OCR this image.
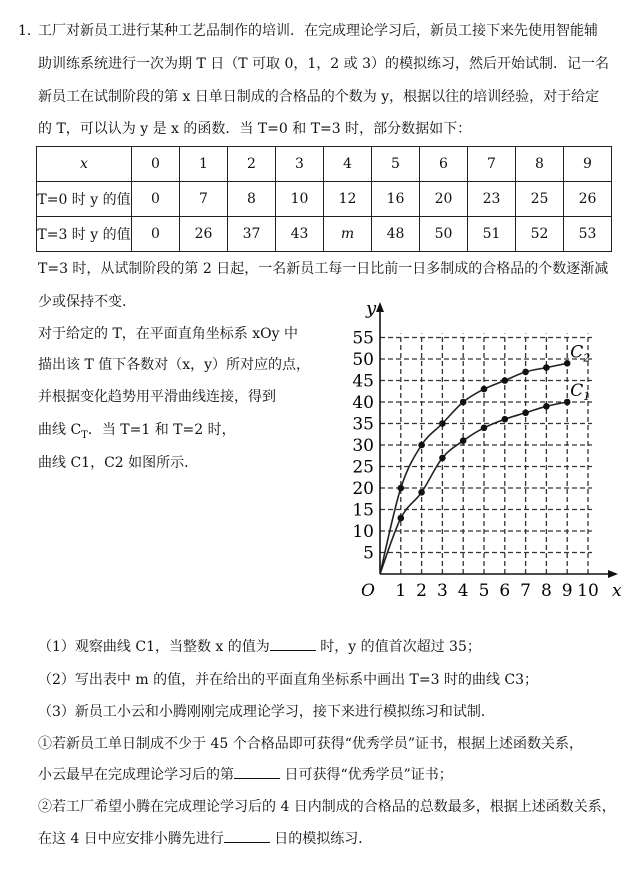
1．
工厂对新员工进行某种工艺品制作的培训．在完成理论学习后，新员工接下来先使用智能辅
助训练系统进行一次为期 T 日（T 可取 0，1，2 或 3）的模拟练习，然后开始试制．记一名
新员工在试制阶段的第 x 日单日制成的合格品的个数为 y，根据以往的培训经验，对于给定
的 T，可以认为 y 是 x 的函数．当 T=0 和 T=3 时，部分数据如下：
x	0	1	2	3	4	5	6	7	8	9
T=0 时 y 的值	0	7	8	10	12	16	20	23	25	26
T=3 时 y 的值	0	26	37	43	m	48	50	51	52	53
T=3 时，从试制阶段的第 2 日起，一名新员工每一日比前一日多制成的合格品的个数逐渐减
少或保持不变．
对于给定的 T，在平面直角坐标系 xOy 中
描出该 T 值下各数对（x，y）所对应的点，
并根据变化趋势用平滑曲线连接，得到
曲线 $C_T$．当 T=1 和 T=2 时，
曲线 C1，C2 如图所示．
1 2 3 4 5 6 7 8 9 10
5
10
15
20
25
30
35
40
45
50
55
O	x
y
$C_2$
$C_1$
（1）观察曲线 C1，当整数 x 的值为	时，y 的值首次超过 35；
（2）写出表中 m 的值，并在给出的平面直角坐标系中画出 T=3 时的曲线 C3；
（3）新员工小云和小腾刚刚完成理论学习，接下来进行模拟练习和试制．
①若新员工单日制成不少于 45 个合格品即可获得“优秀学员”证书，根据上述函数关系，
小云最早在完成理论学习后的第	日可获得“优秀学员”证书；
②若工厂希望小腾在完成理论学习后的 4 日内制成的合格品的总数最多，根据上述函数关系，
在这 4 日中应安排小腾先进行	日的模拟练习．
